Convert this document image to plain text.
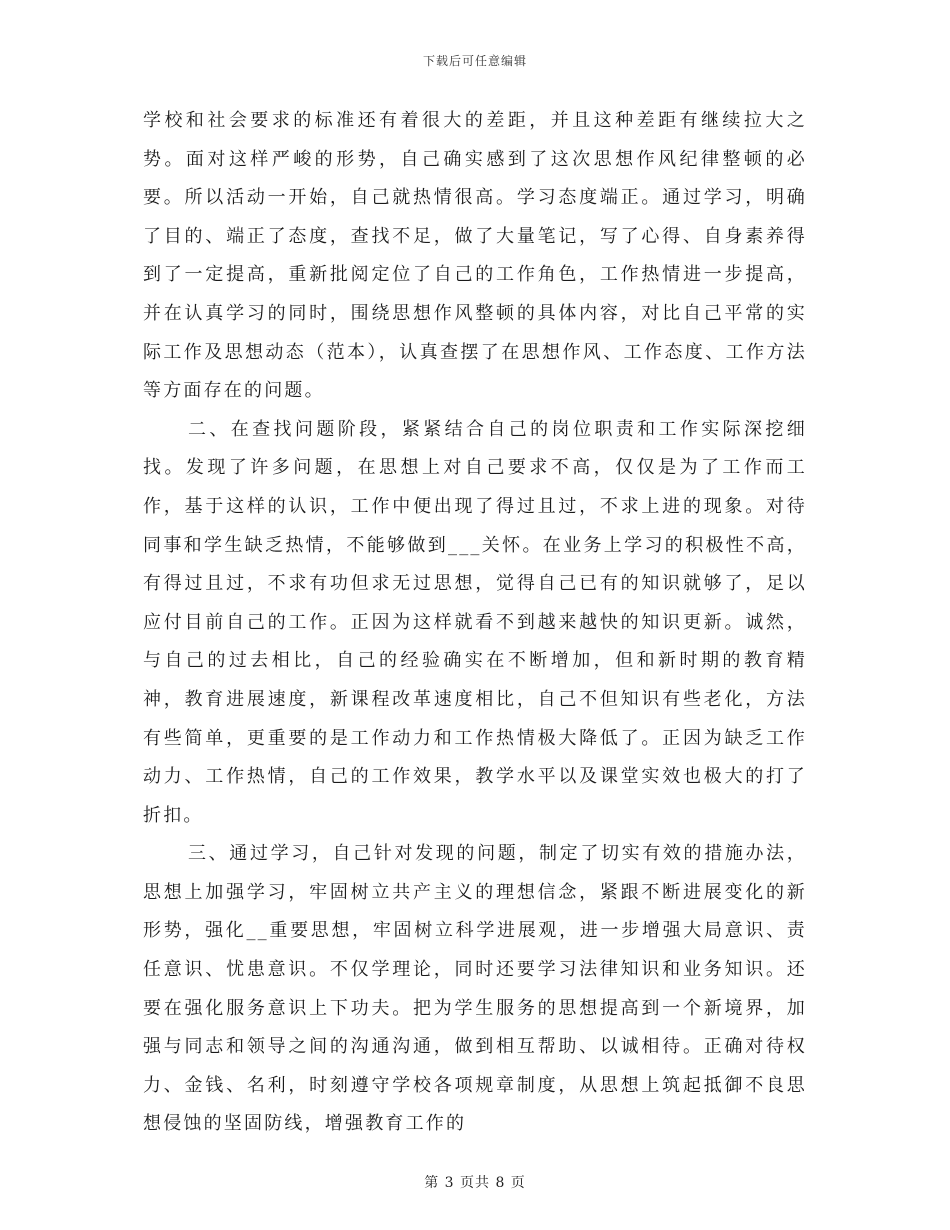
下载后可任意编辑

学校和社会要求的标准还有着很大的差距，并且这种差距有继续拉大之势。面对这样严峻的形势，自己确实感到了这次思想作风纪律整顿的必要。所以活动一开始，自己就热情很高。学习态度端正。通过学习，明确了目的、端正了态度，查找不足，做了大量笔记，写了心得、自身素养得到了一定提高，重新批阅定位了自己的工作角色，工作热情进一步提高，并在认真学习的同时，围绕思想作风整顿的具体内容，对比自己平常的实际工作及思想动态（范本），认真查摆了在思想作风、工作态度、工作方法等方面存在的问题。

二、在查找问题阶段，紧紧结合自己的岗位职责和工作实际深挖细找。发现了许多问题，在思想上对自己要求不高，仅仅是为了工作而工作，基于这样的认识，工作中便出现了得过且过，不求上进的现象。对待同事和学生缺乏热情，不能够做到___关怀。在业务上学习的积极性不高，有得过且过，不求有功但求无过思想，觉得自己已有的知识就够了，足以应付目前自己的工作。正因为这样就看不到越来越快的知识更新。诚然，与自己的过去相比，自己的经验确实在不断增加，但和新时期的教育精神，教育进展速度，新课程改革速度相比，自己不但知识有些老化，方法有些简单，更重要的是工作动力和工作热情极大降低了。正因为缺乏工作动力、工作热情，自己的工作效果，教学水平以及课堂实效也极大的打了折扣。

三、通过学习，自己针对发现的问题，制定了切实有效的措施办法，思想上加强学习，牢固树立共产主义的理想信念，紧跟不断进展变化的新形势，强化__重要思想，牢固树立科学进展观，进一步增强大局意识、责任意识、忧患意识。不仅学理论，同时还要学习法律知识和业务知识。还要在强化服务意识上下功夫。把为学生服务的思想提高到一个新境界，加强与同志和领导之间的沟通沟通，做到相互帮助、以诚相待。正确对待权力、金钱、名利，时刻遵守学校各项规章制度，从思想上筑起抵御不良思想侵蚀的坚固防线，增强教育工作的

第 3 页共 8 页
